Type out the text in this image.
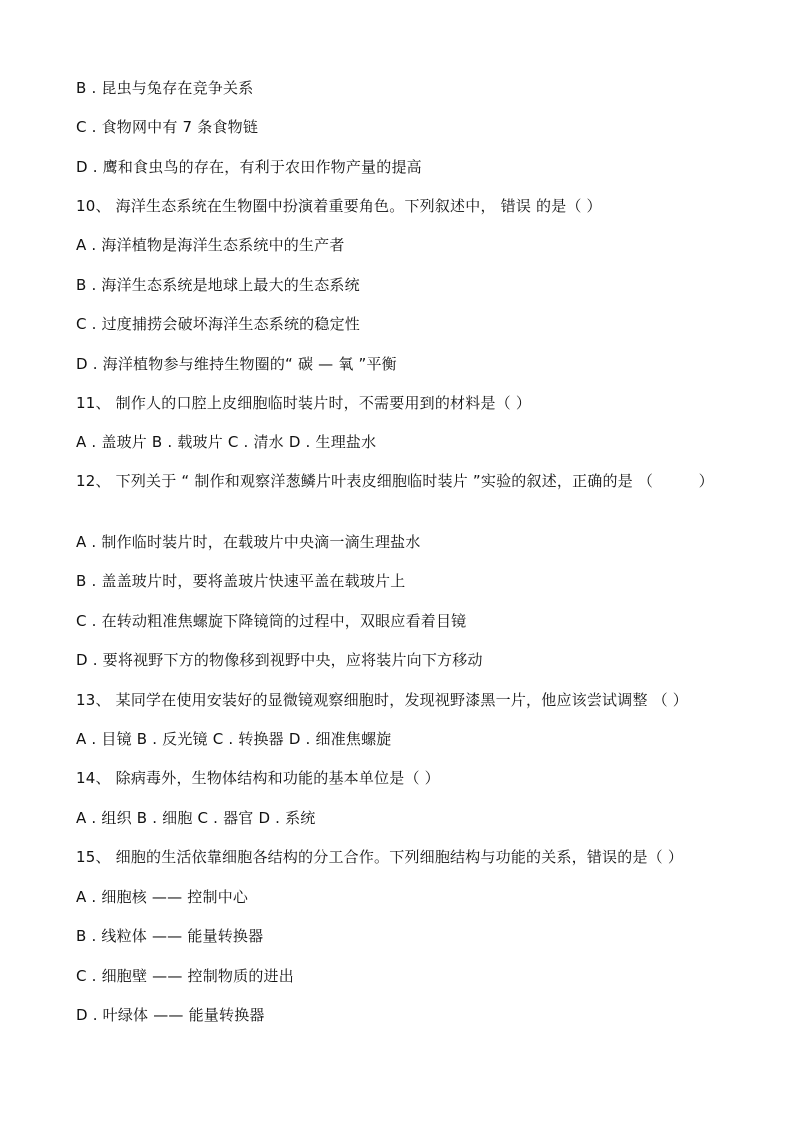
B . 昆虫与兔存在竞争关系
C . 食物网中有 7 条食物链
D . 鹰和食虫鸟的存在，有利于农田作物产量的提高
10、 海洋生态系统在生物圈中扮演着重要角色。下列叙述中， 错误 的是（ ）
A . 海洋植物是海洋生态系统中的生产者
B . 海洋生态系统是地球上最大的生态系统
C . 过度捕捞会破坏海洋生态系统的稳定性
D . 海洋植物参与维持生物圈的“ 碳 — 氧 ”平衡
11、 制作人的口腔上皮细胞临时装片时，不需要用到的材料是（ ）
A . 盖玻片 B . 载玻片 C . 清水 D . 生理盐水
12、 下列关于 “ 制作和观察洋葱鳞片叶表皮细胞临时装片 ”实验的叙述，正确的是 （　　　）
A . 制作临时装片时，在载玻片中央滴一滴生理盐水
B . 盖盖玻片时，要将盖玻片快速平盖在载玻片上
C . 在转动粗准焦螺旋下降镜筒的过程中，双眼应看着目镜
D . 要将视野下方的物像移到视野中央，应将装片向下方移动
13、 某同学在使用安装好的显微镜观察细胞时，发现视野漆黑一片，他应该尝试调整 （ ）
A . 目镜 B . 反光镜 C . 转换器 D . 细准焦螺旋
14、 除病毒外，生物体结构和功能的基本单位是（ ）
A . 组织 B . 细胞 C . 器官 D . 系统
15、 细胞的生活依靠细胞各结构的分工合作。下列细胞结构与功能的关系，错误的是（ ）
A . 细胞核 —— 控制中心
B . 线粒体 —— 能量转换器
C . 细胞壁 —— 控制物质的进出
D . 叶绿体 —— 能量转换器
